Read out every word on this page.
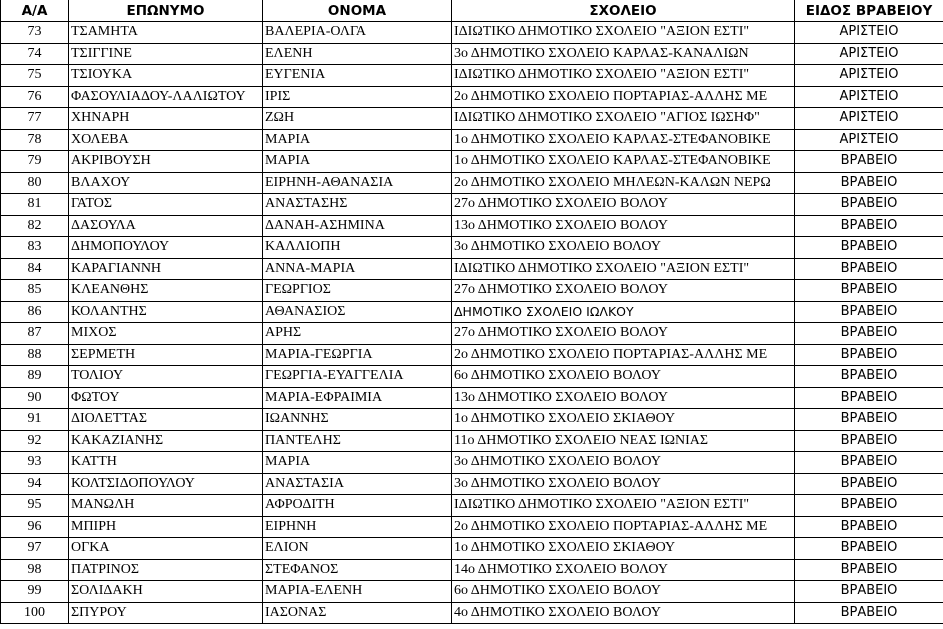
Α/Α	ΕΠΩΝΥΜΟ	ΟΝΟΜΑ	ΣΧΟΛΕΙΟ	ΕΙΔΟΣ ΒΡΑΒΕΙΟΥ
73	ΤΣΑΜΗΤΑ	ΒΑΛΕΡΙΑ-ΟΛΓΑ	ΙΔΙΩΤΙΚΟ ΔΗΜΟΤΙΚΟ ΣΧΟΛΕΙΟ "ΑΞΙΟΝ ΕΣΤΙ"	ΑΡΙΣΤΕΙΟ
74	ΤΣΙΓΓΙΝΕ	ΕΛΕΝΗ	3ο ΔΗΜΟΤΙΚΟ ΣΧΟΛΕΙΟ ΚΑΡΛΑΣ-ΚΑΝΑΛΙΩΝ	ΑΡΙΣΤΕΙΟ
75	ΤΣΙΟΥΚΑ	ΕΥΓΕΝΙΑ	ΙΔΙΩΤΙΚΟ ΔΗΜΟΤΙΚΟ ΣΧΟΛΕΙΟ "ΑΞΙΟΝ ΕΣΤΙ"	ΑΡΙΣΤΕΙΟ
76	ΦΑΣΟΥΛΙΑΔΟΥ-ΛΑΛΙΩΤΟΥ	ΙΡΙΣ	2ο ΔΗΜΟΤΙΚΟ ΣΧΟΛΕΙΟ ΠΟΡΤΑΡΙΑΣ-ΑΛΛΗΣ ΜΕ	ΑΡΙΣΤΕΙΟ
77	ΧΗΝΑΡΗ	ΖΩΗ	ΙΔΙΩΤΙΚΟ ΔΗΜΟΤΙΚΟ ΣΧΟΛΕΙΟ "ΑΓΙΟΣ ΙΩΣΗΦ"	ΑΡΙΣΤΕΙΟ
78	ΧΟΛΕΒΑ	ΜΑΡΙΑ	1ο ΔΗΜΟΤΙΚΟ ΣΧΟΛΕΙΟ ΚΑΡΛΑΣ-ΣΤΕΦΑΝΟΒΙΚΕ	ΑΡΙΣΤΕΙΟ
79	ΑΚΡΙΒΟΥΣΗ	ΜΑΡΙΑ	1ο ΔΗΜΟΤΙΚΟ ΣΧΟΛΕΙΟ ΚΑΡΛΑΣ-ΣΤΕΦΑΝΟΒΙΚΕ	ΒΡΑΒΕΙΟ
80	ΒΛΑΧΟΥ	ΕΙΡΗΝΗ-ΑΘΑΝΑΣΙΑ	2ο ΔΗΜΟΤΙΚΟ ΣΧΟΛΕΙΟ ΜΗΛΕΩΝ-ΚΑΛΩΝ ΝΕΡΩ	ΒΡΑΒΕΙΟ
81	ΓΑΤΟΣ	ΑΝΑΣΤΑΣΗΣ	27ο ΔΗΜΟΤΙΚΟ ΣΧΟΛΕΙΟ ΒΟΛΟΥ	ΒΡΑΒΕΙΟ
82	ΔΑΣΟΥΛΑ	ΔΑΝΑΗ-ΑΣΗΜΙΝΑ	13ο ΔΗΜΟΤΙΚΟ ΣΧΟΛΕΙΟ ΒΟΛΟΥ	ΒΡΑΒΕΙΟ
83	ΔΗΜΟΠΟΥΛΟΥ	ΚΑΛΛΙΟΠΗ	3ο ΔΗΜΟΤΙΚΟ ΣΧΟΛΕΙΟ ΒΟΛΟΥ	ΒΡΑΒΕΙΟ
84	ΚΑΡΑΓΙΑΝΝΗ	ΑΝΝΑ-ΜΑΡΙΑ	ΙΔΙΩΤΙΚΟ ΔΗΜΟΤΙΚΟ ΣΧΟΛΕΙΟ "ΑΞΙΟΝ ΕΣΤΙ"	ΒΡΑΒΕΙΟ
85	ΚΛΕΑΝΘΗΣ	ΓΕΩΡΓΙΟΣ	27ο ΔΗΜΟΤΙΚΟ ΣΧΟΛΕΙΟ ΒΟΛΟΥ	ΒΡΑΒΕΙΟ
86	ΚΟΛΑΝΤΗΣ	ΑΘΑΝΑΣΙΟΣ	ΔΗΜΟΤΙΚΟ ΣΧΟΛΕΙΟ ΙΩΛΚΟΥ	ΒΡΑΒΕΙΟ
87	ΜΙΧΟΣ	ΑΡΗΣ	27ο ΔΗΜΟΤΙΚΟ ΣΧΟΛΕΙΟ ΒΟΛΟΥ	ΒΡΑΒΕΙΟ
88	ΣΕΡΜΕΤΗ	ΜΑΡΙΑ-ΓΕΩΡΓΙΑ	2ο ΔΗΜΟΤΙΚΟ ΣΧΟΛΕΙΟ ΠΟΡΤΑΡΙΑΣ-ΑΛΛΗΣ ΜΕ	ΒΡΑΒΕΙΟ
89	ΤΟΛΙΟΥ	ΓΕΩΡΓΙΑ-ΕΥΑΓΓΕΛΙΑ	6ο ΔΗΜΟΤΙΚΟ ΣΧΟΛΕΙΟ ΒΟΛΟΥ	ΒΡΑΒΕΙΟ
90	ΦΩΤΟΥ	ΜΑΡΙΑ-ΕΦΡΑΙΜΙΑ	13ο ΔΗΜΟΤΙΚΟ ΣΧΟΛΕΙΟ ΒΟΛΟΥ	ΒΡΑΒΕΙΟ
91	ΔΙΟΛΕΤΤΑΣ	ΙΩΑΝΝΗΣ	1ο ΔΗΜΟΤΙΚΟ ΣΧΟΛΕΙΟ ΣΚΙΑΘΟΥ	ΒΡΑΒΕΙΟ
92	ΚΑΚΑΖΙΑΝΗΣ	ΠΑΝΤΕΛΗΣ	11ο ΔΗΜΟΤΙΚΟ ΣΧΟΛΕΙΟ ΝΕΑΣ ΙΩΝΙΑΣ	ΒΡΑΒΕΙΟ
93	ΚΑΤΤΗ	ΜΑΡΙΑ	3ο ΔΗΜΟΤΙΚΟ ΣΧΟΛΕΙΟ ΒΟΛΟΥ	ΒΡΑΒΕΙΟ
94	ΚΟΛΤΣΙΔΟΠΟΥΛΟΥ	ΑΝΑΣΤΑΣΙΑ	3ο ΔΗΜΟΤΙΚΟ ΣΧΟΛΕΙΟ ΒΟΛΟΥ	ΒΡΑΒΕΙΟ
95	ΜΑΝΩΛΗ	ΑΦΡΟΔΙΤΗ	ΙΔΙΩΤΙΚΟ ΔΗΜΟΤΙΚΟ ΣΧΟΛΕΙΟ "ΑΞΙΟΝ ΕΣΤΙ"	ΒΡΑΒΕΙΟ
96	ΜΠΙΡΗ	ΕΙΡΗΝΗ	2ο ΔΗΜΟΤΙΚΟ ΣΧΟΛΕΙΟ ΠΟΡΤΑΡΙΑΣ-ΑΛΛΗΣ ΜΕ	ΒΡΑΒΕΙΟ
97	ΟΓΚΑ	ΕΛΙΟΝ	1ο ΔΗΜΟΤΙΚΟ ΣΧΟΛΕΙΟ ΣΚΙΑΘΟΥ	ΒΡΑΒΕΙΟ
98	ΠΑΤΡΙΝΟΣ	ΣΤΕΦΑΝΟΣ	14ο ΔΗΜΟΤΙΚΟ ΣΧΟΛΕΙΟ ΒΟΛΟΥ	ΒΡΑΒΕΙΟ
99	ΣΟΛΙΔΑΚΗ	ΜΑΡΙΑ-ΕΛΕΝΗ	6ο ΔΗΜΟΤΙΚΟ ΣΧΟΛΕΙΟ ΒΟΛΟΥ	ΒΡΑΒΕΙΟ
100	ΣΠΥΡΟΥ	ΙΑΣΟΝΑΣ	4ο ΔΗΜΟΤΙΚΟ ΣΧΟΛΕΙΟ ΒΟΛΟΥ	ΒΡΑΒΕΙΟ
